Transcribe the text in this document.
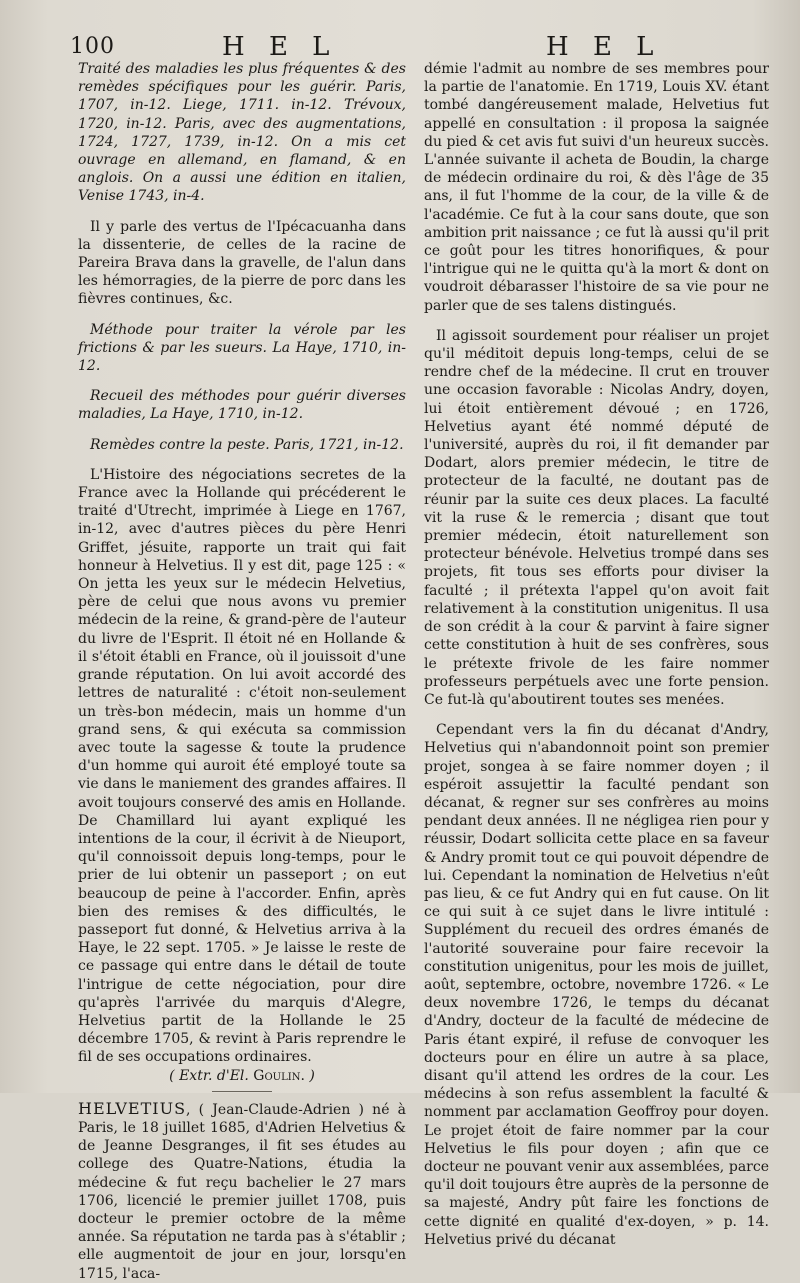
100	H E L	H E L

Traité des maladies les plus fréquentes & des remèdes spécifiques pour les guérir. Paris, 1707, in-12. Liege, 1711. in-12. Trévoux, 1720, in-12. Paris, avec des augmentations, 1724, 1727, 1739, in-12. On a mis cet ouvrage en allemand, en flamand, & en anglois. On a aussi une édition en italien, Venise 1743, in-4.

Il y parle des vertus de l'Ipécacuanha dans la dissenterie, de celles de la racine de Pareira Brava dans la gravelle, de l'alun dans les hémorragies, de la pierre de porc dans les fièvres continues, &c.

Méthode pour traiter la vérole par les frictions & par les sueurs. La Haye, 1710, in-12.

Recueil des méthodes pour guérir diverses maladies, La Haye, 1710, in-12.

Remèdes contre la peste. Paris, 1721, in-12.

L'Histoire des négociations secretes de la France avec la Hollande qui précéderent le traité d'Utrecht, imprimée à Liege en 1767, in-12, avec d'autres pièces du père Henri Griffet, jésuite, rapporte un trait qui fait honneur à Helvetius. Il y est dit, page 125 : « On jetta les yeux sur le médecin Helvetius, père de celui que nous avons vu premier médecin de la reine, & grand-père de l'auteur du livre de l'Esprit. Il étoit né en Hollande & il s'étoit établi en France, où il jouissoit d'une grande réputation. On lui avoit accordé des lettres de naturalité : c'étoit non-seulement un très-bon médecin, mais un homme d'un grand sens, & qui exécuta sa commission avec toute la sagesse & toute la prudence d'un homme qui auroit été employé toute sa vie dans le maniement des grandes affaires. Il avoit toujours conservé des amis en Hollande. De Chamillard lui ayant expliqué les intentions de la cour, il écrivit à de Nieuport, qu'il connoissoit depuis long-temps, pour le prier de lui obtenir un passeport ; on eut beaucoup de peine à l'accorder. Enfin, après bien des remises & des difficultés, le passeport fut donné, & Helvetius arriva à la Haye, le 22 sept. 1705. » Je laisse le reste de ce passage qui entre dans le détail de toute l'intrigue de cette négociation, pour dire qu'après l'arrivée du marquis d'Alegre, Helvetius partit de la Hollande le 25 décembre 1705, & revint à Paris reprendre le fil de ses occupations ordinaires.

( Extr. d'El. Goulin. )

HELVETIUS, ( Jean-Claude-Adrien ) né à Paris, le 18 juillet 1685, d'Adrien Helvetius & de Jeanne Desgranges, il fit ses études au college des Quatre-Nations, étudia la médecine & fut reçu bachelier le 27 mars 1706, licencié le premier juillet 1708, puis docteur le premier octobre de la même année. Sa réputation ne tarda pas à s'établir ; elle augmentoit de jour en jour, lorsqu'en 1715, l'aca-

démie l'admit au nombre de ses membres pour la partie de l'anatomie. En 1719, Louis XV. étant tombé dangéreusement malade, Helvetius fut appellé en consultation : il proposa la saignée du pied & cet avis fut suivi d'un heureux succès. L'année suivante il acheta de Boudin, la charge de médecin ordinaire du roi, & dès l'âge de 35 ans, il fut l'homme de la cour, de la ville & de l'académie. Ce fut à la cour sans doute, que son ambition prit naissance ; ce fut là aussi qu'il prit ce goût pour les titres honorifiques, & pour l'intrigue qui ne le quitta qu'à la mort & dont on voudroit débarasser l'histoire de sa vie pour ne parler que de ses talens distingués.

Il agissoit sourdement pour réaliser un projet qu'il méditoit depuis long-temps, celui de se rendre chef de la médecine. Il crut en trouver une occasion favorable : Nicolas Andry, doyen, lui étoit entièrement dévoué ; en 1726, Helvetius ayant été nommé député de l'université, auprès du roi, il fit demander par Dodart, alors premier médecin, le titre de protecteur de la faculté, ne doutant pas de réunir par la suite ces deux places. La faculté vit la ruse & le remercia ; disant que tout premier médecin, étoit naturellement son protecteur bénévole. Helvetius trompé dans ses projets, fit tous ses efforts pour diviser la faculté ; il prétexta l'appel qu'on avoit fait relativement à la constitution unigenitus. Il usa de son crédit à la cour & parvint à faire signer cette constitution à huit de ses confrères, sous le prétexte frivole de les faire nommer professeurs perpétuels avec une forte pension. Ce fut-là qu'aboutirent toutes ses menées.

Cependant vers la fin du décanat d'Andry, Helvetius qui n'abandonnoit point son premier projet, songea à se faire nommer doyen ; il espéroit assujettir la faculté pendant son décanat, & regner sur ses confrères au moins pendant deux années. Il ne négligea rien pour y réussir, Dodart sollicita cette place en sa faveur & Andry promit tout ce qui pouvoit dépendre de lui. Cependant la nomination de Helvetius n'eût pas lieu, & ce fut Andry qui en fut cause. On lit ce qui suit à ce sujet dans le livre intitulé : Supplément du recueil des ordres émanés de l'autorité souveraine pour faire recevoir la constitution unigenitus, pour les mois de juillet, août, septembre, octobre, novembre 1726. « Le deux novembre 1726, le temps du décanat d'Andry, docteur de la faculté de médecine de Paris étant expiré, il refuse de convoquer les docteurs pour en élire un autre à sa place, disant qu'il attend les ordres de la cour. Les médecins à son refus assemblent la faculté & nomment par acclamation Geoffroy pour doyen. Le projet étoit de faire nommer par la cour Helvetius le fils pour doyen ; afin que ce docteur ne pouvant venir aux assemblées, parce qu'il doit toujours être auprès de la personne de sa majesté, Andry pût faire les fonctions de cette dignité en qualité d'ex-doyen, » p. 14. Helvetius privé du décanat
